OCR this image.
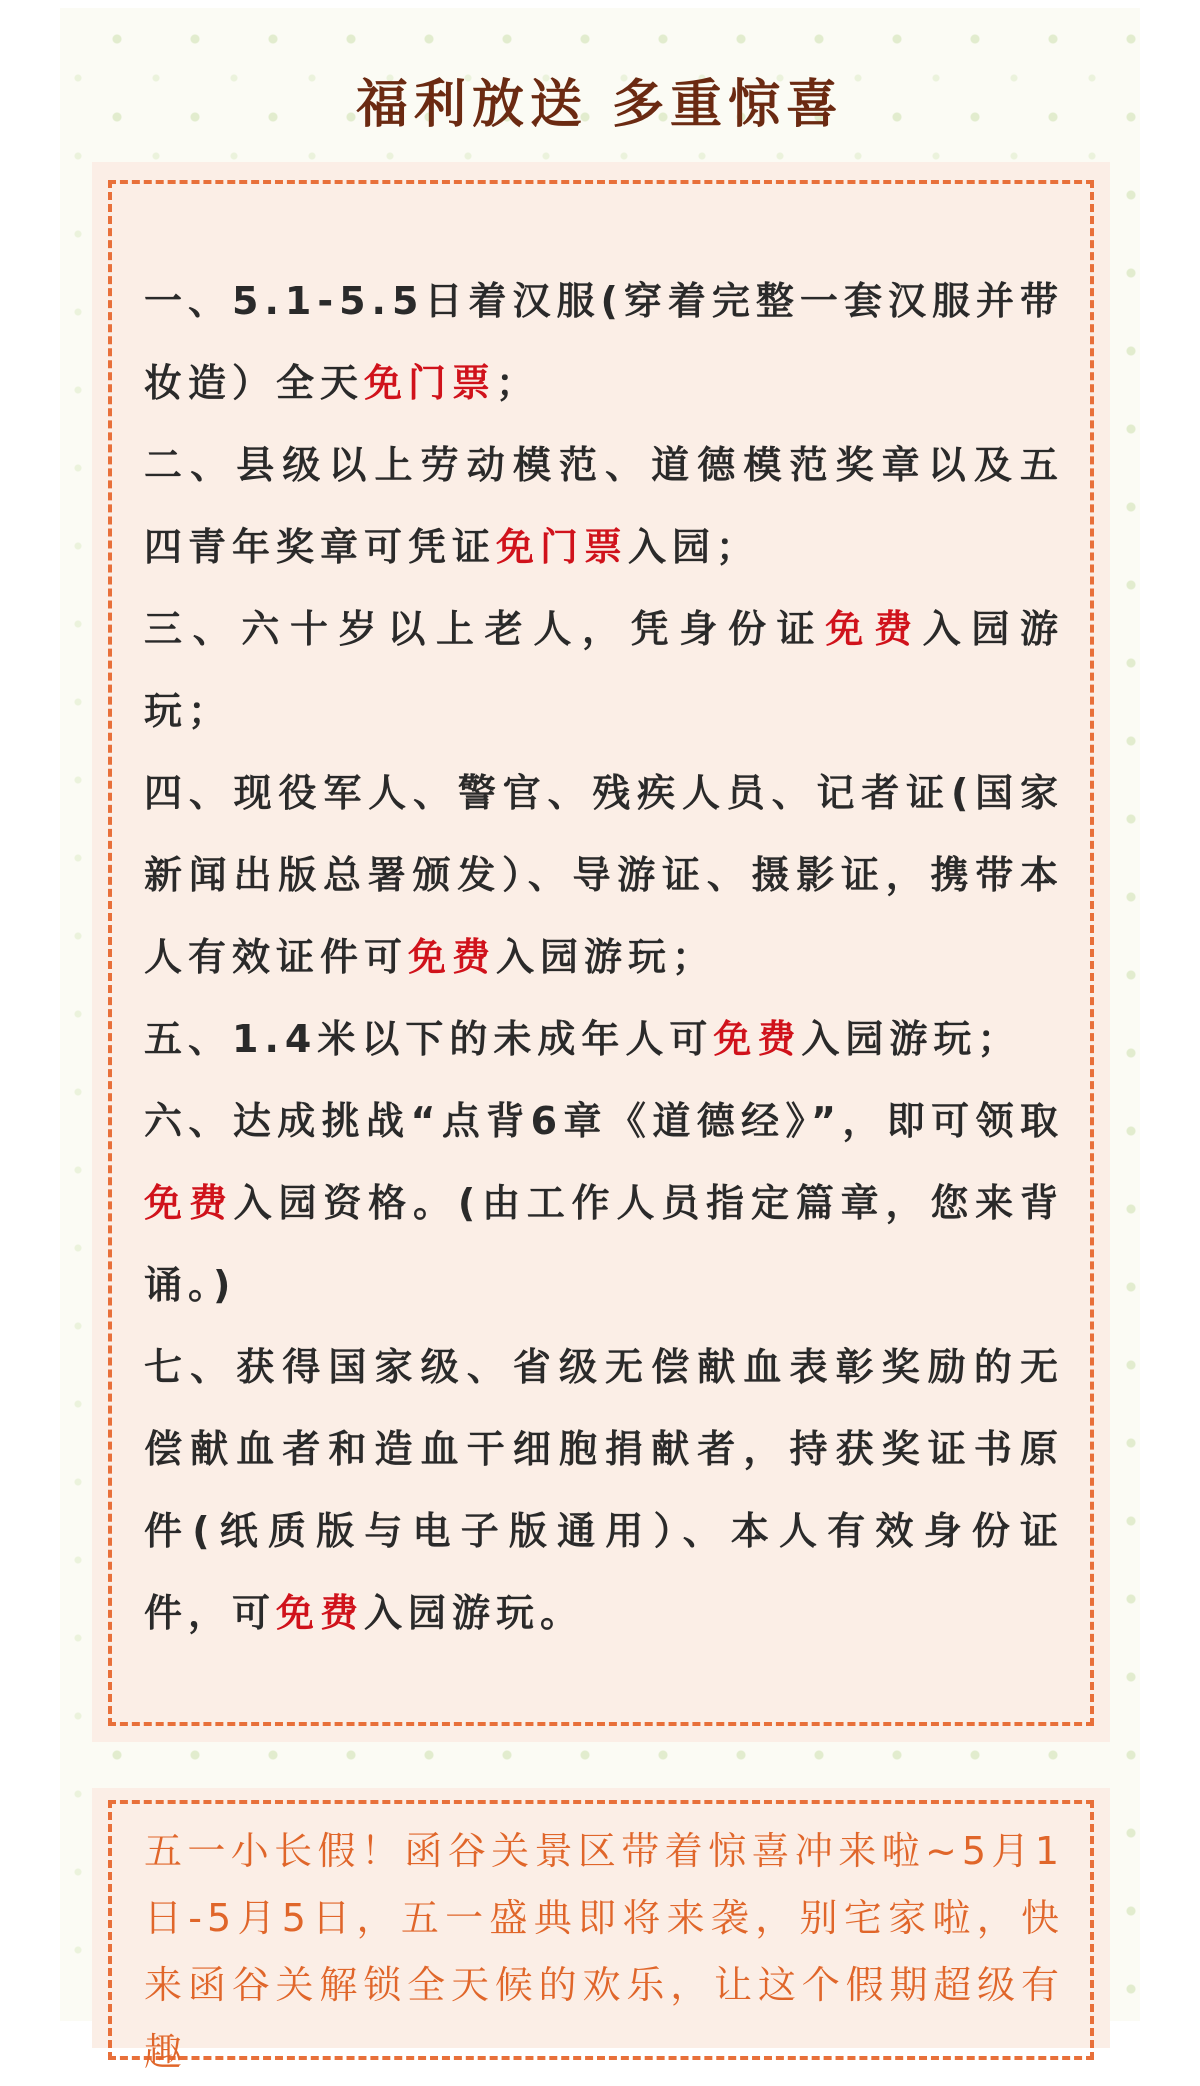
福利放送 多重惊喜
一、5.1-5.5日着汉服(穿着完整一套汉服并带妆造）全天免门票；
二、县级以上劳动模范、道德模范奖章以及五四青年奖章可凭证免门票入园；
三、六十岁以上老人，凭身份证免费入园游玩；
四、现役军人、警官、残疾人员、记者证(国家新闻出版总署颁发）、导游证、摄影证，携带本人有效证件可免费入园游玩；
五、1.4米以下的未成年人可免费入园游玩；
六、达成挑战“点背6章《道德经》”，即可领取免费入园资格。(由工作人员指定篇章，您来背诵。)
七、获得国家级、省级无偿献血表彰奖励的无偿献血者和造血干细胞捐献者，持获奖证书原件(纸质版与电子版通用）、本人有效身份证件，可免费入园游玩。

五一小长假！函谷关景区带着惊喜冲来啦~5月1日-5月5日，五一盛典即将来袭，别宅家啦，快来函谷关解锁全天候的欢乐，让这个假期超级有趣
